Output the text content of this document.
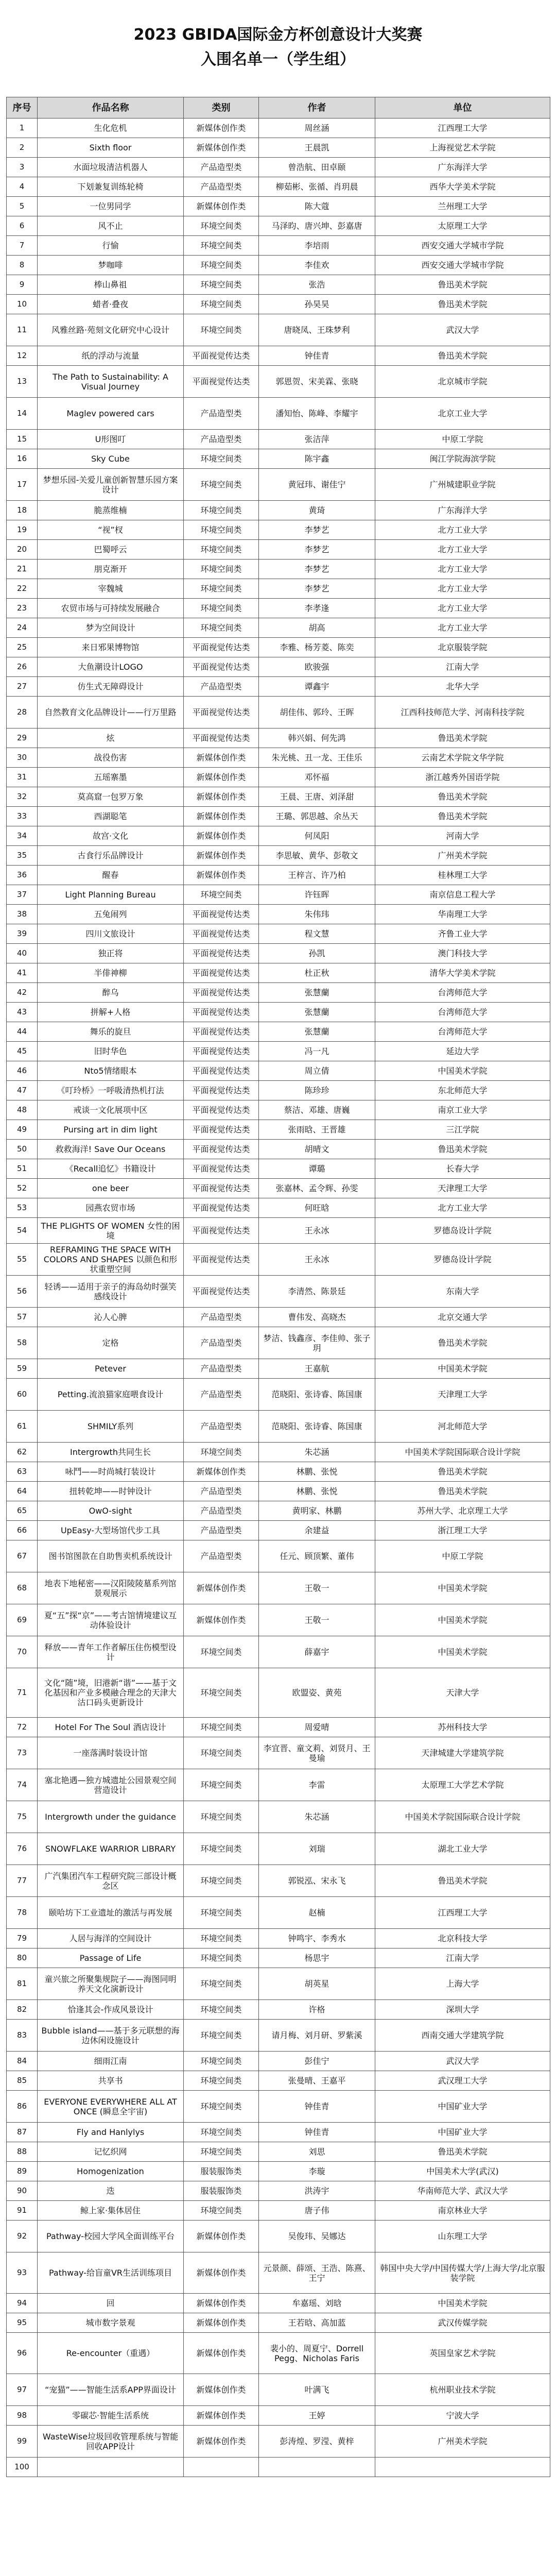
2023 GBIDA国际金方杯创意设计大奖赛
入围名单一（学生组）
序号	作品名称	类别	作者	单位
1	生化危机	新媒体创作类	周丝涵	江西理工大学
2	Sixth floor	新媒体创作类	王晨凯	上海视觉艺术学院
3	水面垃圾清洁机器人	产品造型类	曾浩航、田卓颐	广东海洋大学
4	下划兼复训练轮椅	产品造型类	柳茹彬、张循、肖玥晨	西华大学美术学院
5	一位男同学	新媒体创作类	陈大蔻	兰州理工大学
6	风不止	环境空间类	马泽昀、唐兴坤、彭嘉唐	太原理工大学
7	行愉	环境空间类	李培雨	西安交通大学城市学院
8	梦咖啡	环境空间类	李佳欢	西安交通大学城市学院
9	棒山鼻祖	环境空间类	张浩	鲁迅美术学院
10	蜡者·叠夜	环境空间类	孙昊昊	鲁迅美术学院
11	风雅丝路·苑刻文化研究中心设计	环境空间类	唐晓凤、王珠梦利	武汉大学
12	纸的浮动与流量	平面视觉传达类	钟佳青	鲁迅美术学院
13	The Path to Sustainability: A Visual Journey	平面视觉传达类	郭恩贺、宋美霖、张晓	北京城市学院
14	Maglev powered cars	产品造型类	潘知怡、陈峰、李耀宇	北京工业大学
15	U形图叮	产品造型类	张洁萍	中原工学院
16	Sky Cube	环境空间类	陈宇鑫	闽江学院海滨学院
17	梦想乐园-关爱儿童创新智慧乐园方案设计	环境空间类	黄冠玮、谢佳宁	广州城建职业学院
18	脆蒸维楠	环境空间类	黄琦	广东海洋大学
19	“视”杈	环境空间类	李梦艺	北方工业大学
20	巴蜀呼云	环境空间类	李梦艺	北方工业大学
21	朋克渐开	环境空间类	李梦艺	北方工业大学
22	宰魏城	环境空间类	李梦艺	北方工业大学
23	农贸市场与可持续发展融合	环境空间类	李孝逢	北方工业大学
24	梦为空间设计	环境空间类	胡高	北方工业大学
25	来日邪果博物馆	平面视觉传达类	李雅、杨芳菱、陈奕	北京服装学院
26	大鱼潮设计LOGO	平面视觉传达类	欧骏强	江南大学
27	仿生式无障碍设计	产品造型类	谭鑫宇	北华大学
28	自然教育文化品牌设计——行万里路	平面视觉传达类	胡佳伟、郭玲、王晖	江西科技师范大学、河南科技学院
29	炫	平面视觉传达类	韩兴娟、何先鸿	鲁迅美术学院
30	战役伤害	新媒体创作类	朱光桃、丑一龙、王佳乐	云南艺术学院文华学院
31	五瑶寨墨	新媒体创作类	邓怀福	浙江越秀外国语学院
32	莫高窟一包罗万象	新媒体创作类	王晨、王唐、刘泽甜	鲁迅美术学院
33	西湖聪笔	新媒体创作类	王璐、郭思越、余丛天	鲁迅美术学院
34	故宫·文化	新媒体创作类	何凤阳	河南大学
35	古食行乐品牌设计	新媒体创作类	李思敏、黄华、彭敬文	广州美术学院
36	醒春	新媒体创作类	王梓言、许乃柏	桂林理工大学
37	Light Planning Bureau	环境空间类	许钰晖	南京信息工程大学
38	五兔闹列	平面视觉传达类	朱伟玮	华南理工大学
39	四川文旅设计	平面视觉传达类	程文慧	齐鲁工业大学
40	独正将	平面视觉传达类	孙凯	澳门科技大学
41	半俳神柳	平面视觉传达类	杜正秋	清华大学美术学院
42	醉乌	平面视觉传达类	张慧蘭	台湾师范大学
43	拼解+人格	平面视觉传达类	张慧蘭	台湾师范大学
44	舞乐的旋旦	平面视觉传达类	张慧蘭	台湾师范大学
45	旧时华色	平面视觉传达类	冯一凡	延边大学
46	Nto5情绪眼本	平面视觉传达类	周立倩	中国美术学院
47	《叮玲桥》一呼吸清热机打法	平面视觉传达类	陈珍珍	东北师范大学
48	戒谈一文化展项中区	平面视觉传达类	蔡洁、邓雄、唐巍	南京工业大学
49	Pursing art in dim light	平面视觉传达类	张雨晗、王晋雄	三江学院
50	救救海洋! Save Our Oceans	平面视觉传达类	胡晴文	鲁迅美术学院
51	《Recall追忆》书籍设计	平面视觉传达类	谭璐	长春大学
52	one beer	平面视觉传达类	张嘉林、孟令辉、孙雯	天津理工大学
53	园燕农贸市场	平面视觉传达类	何旺晗	北方工业大学
54	THE PLIGHTS OF WOMEN 女性的困境	平面视觉传达类	王永冰	罗德岛设计学院
55	REFRAMING THE SPACE WITH COLORS AND SHAPES 以颜色和形状重塑空间	平面视觉传达类	王永冰	罗德岛设计学院
56	轻诱——适用于亲子的海岛幼时强笑感线设计	平面视觉传达类	李清然、陈景廷	东南大学
57	沁人心脾	产品造型类	曹伟发、高晓杰	北京交通大学
58	定格	产品造型类	梦洁、钱鑫彦、李佳帅、张子玥	鲁迅美术学院
59	Petever	产品造型类	王嘉航	中国美术学院
60	Petting.流浪猫家庭喂食设计	产品造型类	范晓阳、张诗睿、陈国康	天津理工大学
61	SHMILY系列	产品造型类	范晓阳、张诗睿、陈国康	河北师范大学
62	Intergrowth共同生长	环境空间类	朱芯涵	中国美术学院国际联合设计学院
63	咏鬥——时尚城打装设计	新媒体创作类	林鹏、张悦	鲁迅美术学院
64	扭转乾坤——时钟设计	产品造型类	林鹏、张悦	鲁迅美术学院
65	OwO-sight	产品造型类	黄明家、林鹏	苏州大学、北京理工大学
66	UpEasy-大型场馆代步工具	产品造型类	余建益	浙江理工大学
67	图书馆图款在自助售卖机系统设计	产品造型类	任元、顾顶繁、董伟	中原工学院
68	地表下地秘密——汉阳陵陵墓系列馆景观展示	新媒体创作类	王敬一	中国美术学院
69	夏“五”探“京”——考古馆情境建议互动体验设计	新媒体创作类	王敬一	中国美术学院
70	释放——青年工作者解压住伤模型设计	环境空间类	薛嘉宇	中国美术学院
71	文化“随”境，旧港新“谐”——基于文化基因和产业多模融合理念的天津大沽口码头更新设计	环境空间类	欧盟姿、黄苑	天津大学
72	Hotel For The Soul 酒店设计	环境空间类	周爱晴	苏州科技大学
73	一座落满时装设计馆	环境空间类	李宜晋、童文莉、刘贤月、王曼瑜	天津城建大学建筑学院
74	塞北艳遇—独方城遗址公园景观空间营造设计	环境空间类	李雷	太原理工大学艺术学院
75	Intergrowth under the guidance	环境空间类	朱芯涵	中国美术学院国际联合设计学院
76	SNOWFLAKE WARRIOR LIBRARY	环境空间类	刘瑞	湖北工业大学
77	广汽集团汽车工程研究院三部设计概念区	环境空间类	郭锐泓、宋永飞	鲁迅美术学院
78	颐哈坊下工业遗址的激活与再发展	环境空间类	赵楠	江西理工大学
79	人居与海洋的空间设计	环境空间类	钟鸣宇、李秀水	北京科技大学
80	Passage of Life	环境空间类	杨思宇	江南大学
81	童兴旅之所聚集规院子——海图同明养天文化演新设计	环境空间类	胡英星	上海大学
82	恰逢其会-作成风景设计	环境空间类	许格	深圳大学
83	Bubble island——基于多元联想的海边休闲设施设计	环境空间类	请月梅、刘月研、罗紫溪	西南交通大学建筑学院
84	细雨江南	环境空间类	彭佳宁	武汉大学
85	共享书	环境空间类	张曼晴、王嘉平	武汉理工大学
86	EVERYONE EVERYWHERE ALL AT ONCE (瞬息全宇宙)	环境空间类	钟佳青	中国矿业大学
87	Fly and Hanlylys	环境空间类	钟佳青	中国矿业大学
88	记忆织网	环境空间类	刘思	鲁迅美术学院
89	Homogenization	服装服饰类	李璇	中国美术大学(武汉)
90	迭	服装服饰类	洪涛宇	华南师范大学、武汉大学
91	鲸上家·集体居住	环境空间类	唐子伟	南京林业大学
92	Pathway-校园大学风全面训练平台	新媒体创作类	吴俊玮、吴娜达	山东理工大学
93	Pathway-给盲童VR生活训练项目	新媒体创作类	元景颜、薛颂、王浩、陈熹、王宁	韩国中央大学/中国传媒大学/上海大学/北京服装学院
94	回	新媒体创作类	牟嘉瑶、刘晗	中国美术学院
95	城市数字景观	新媒体创作类	王若晗、高加蓝	武汉传媒学院
96	Re-encounter（重遇）	新媒体创作类	裴小的、周夏宁、Dorrell Pegg、Nicholas Faris	英国皇家艺术学院
97	“宠猫”——智能生活系APP界面设计	新媒体创作类	叶满飞	杭州职业技术学院
98	零碳芯·智能生活系统	新媒体创作类	王婷	宁波大学
99	WasteWise垃圾回收管理系统与智能回收APP设计	新媒体创作类	彭涛煌、罗滢、黄梓	广州美术学院
100				
